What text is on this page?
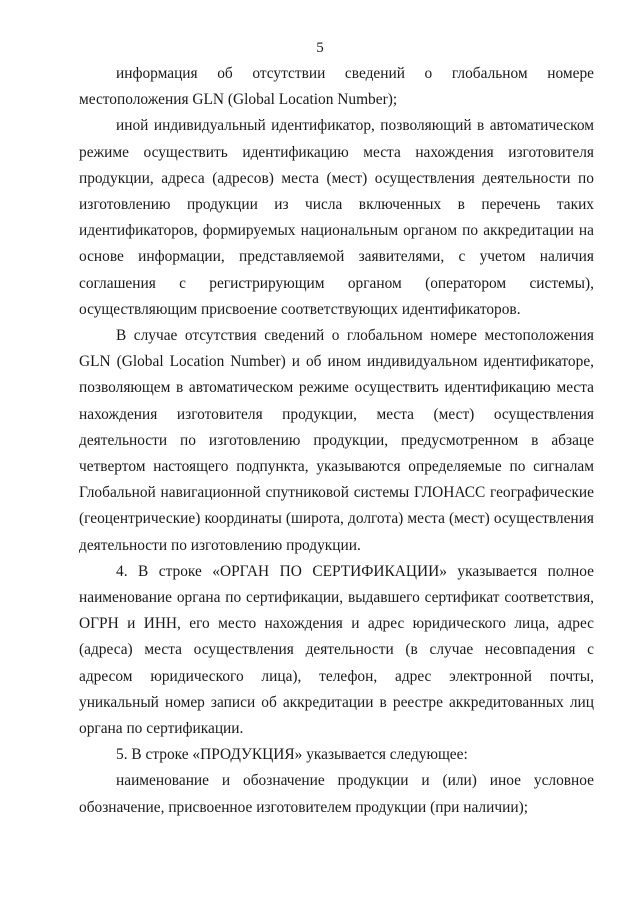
5

информация об отсутствии сведений о глобальном номере местоположения GLN (Global Location Number);

иной индивидуальный идентификатор, позволяющий в автоматическом режиме осуществить идентификацию места нахождения изготовителя продукции, адреса (адресов) места (мест) осуществления деятельности по изготовлению продукции из числа включенных в перечень таких идентификаторов, формируемых национальным органом по аккредитации на основе информации, представляемой заявителями, с учетом наличия соглашения с регистрирующим органом (оператором системы), осуществляющим присвоение соответствующих идентификаторов.

В случае отсутствия сведений о глобальном номере местоположения GLN (Global Location Number) и об ином индивидуальном идентификаторе, позволяющем в автоматическом режиме осуществить идентификацию места нахождения изготовителя продукции, места (мест) осуществления деятельности по изготовлению продукции, предусмотренном в абзаце четвертом настоящего подпункта, указываются определяемые по сигналам Глобальной навигационной спутниковой системы ГЛОНАСС географические (геоцентрические) координаты (широта, долгота) места (мест) осуществления деятельности по изготовлению продукции.

4. В строке «ОРГАН ПО СЕРТИФИКАЦИИ» указывается полное наименование органа по сертификации, выдавшего сертификат соответствия, ОГРН и ИНН, его место нахождения и адрес юридического лица, адрес (адреса) места осуществления деятельности (в случае несовпадения с адресом юридического лица), телефон, адрес электронной почты, уникальный номер записи об аккредитации в реестре аккредитованных лиц органа по сертификации.

5. В строке «ПРОДУКЦИЯ» указывается следующее:

наименование и обозначение продукции и (или) иное условное обозначение, присвоенное изготовителем продукции (при наличии);
